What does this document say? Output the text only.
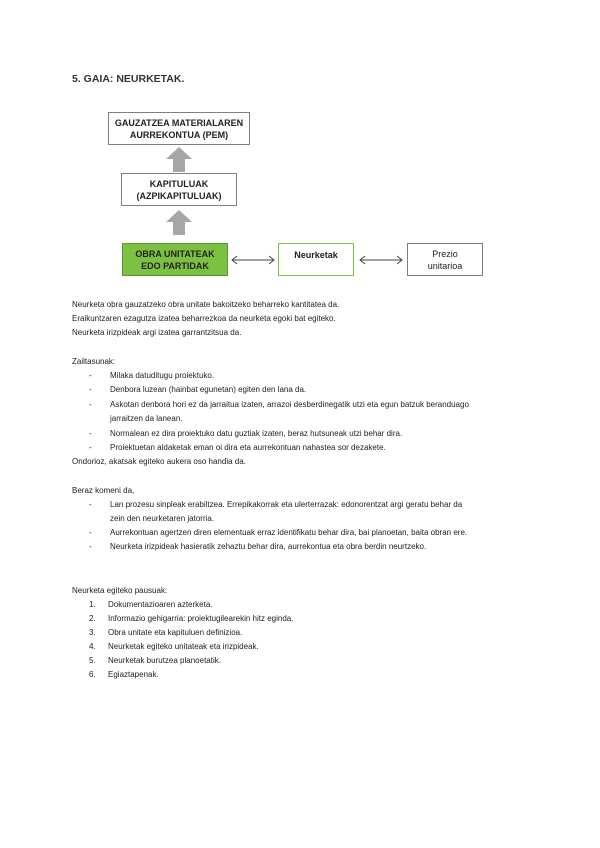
5. GAIA: NEURKETAK.
GAUZATZEA MATERIALAREN
AURREKONTUA (PEM)
KAPITULUAK
(AZPIKAPITULUAK)
OBRA UNITATEAK
EDO PARTIDAK
Neurketak	Prezio
unitarioa
Neurketa obra gauzatzeko obra unitate bakoitzeko beharreko kantitatea da.
Eraikuntzaren ezagutza izatea beharrezkoa da neurketa egoki bat egiteko.
Neurketa irizpideak argi izatea garrantzitsua da.
Zailtasunak:
- Milaka datuditugu proiektuko.
- Denbora luzean (hainbat egunetan) egiten den lana da.
- Askotan denbora hori ez da jarraitua izaten, arrazoi desberdinegatik utzi eta egun batzuk beranduago
jarraitzen da lanean.
- Normalean ez dira proiektuko datu guztiak izaten, beraz hutsuneak utzi behar dira.
- Proiektuetan aldaketak eman oi dira eta aurrekontuan nahastea sor dezakete.
Ondorioz, akatsak egiteko aukera oso handia da.
Beraz komeni da,
- Lan prozesu sinpleak erabiltzea. Errepikakorrak eta ulerterrazak: edonorentzat argi geratu behar da
zein den neurketaren jatorria.
- Aurrekontuan agertzen diren elementuak erraz identifikatu behar dira, bai planoetan, baita obran ere.
- Neurketa irizpideak hasieratik zehaztu behar dira, aurrekontua eta obra berdin neurtzeko.
Neurketa egiteko pausuak:
1. Dokumentazioaren azterketa.
2. Informazio gehigarria: proiektugilearekin hitz egindа.
3. Obra unitate eta kapituluen definizioa.
4. Neurketak egiteko unitateak eta irizpideak.
5. Neurketak burutzea planoetatik.
6. Egiaztapenak.
